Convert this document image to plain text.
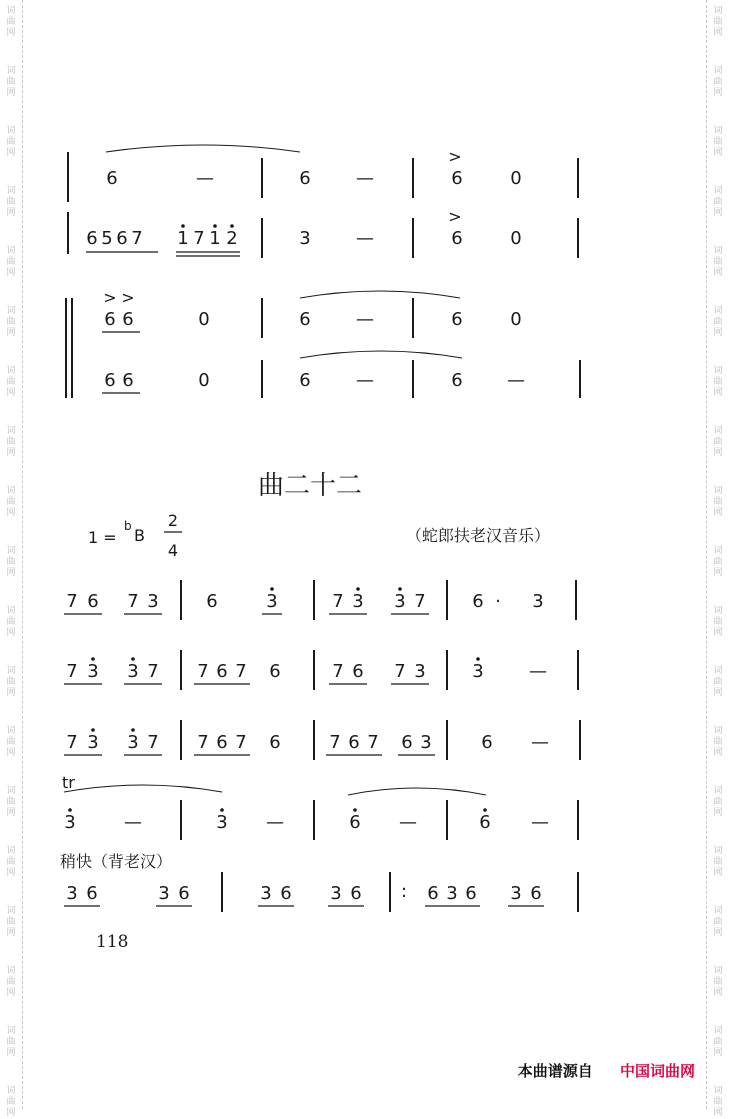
词
曲
网
词
曲
网
词
曲
网
词
曲
网
词
曲
网
词
曲
网
词
曲
网
词
曲
网
词
曲
网
词
曲
网
词
曲
网
词
曲
网
词
曲
网
词
曲
网
词
曲
网
词
曲
网
词
曲
网
词
曲
网
词
曲
网
词
曲
网
词
曲
网
词
曲
网
词
曲
网
词
曲
网
词
曲
网
词
曲
网
词
曲
网
词
曲
网
词
曲
网
词
曲
网
词
曲
网
词
曲
网
词
曲
网
词
曲
网
词
曲
网
词
曲
网
词
曲
网
词
曲
网
6	—	6	—
>
6	0
6 5 6 7 1 7 1 2	3	—
>
6	0
> >
6 6	0	6	—	6	0
6 6	0	6	—	6 —
7 6 7 3	6	3	7 3 3 7	6 · 3
7 3 3 7 7 6 7 6	7 6 7 3	3	—
7 3 3 7 7 6 7 6	7 6 7 6 3	6 —
3	—	3 —	6 —	6 —
3 6	3 6	3 6 3 6 : 6 3 6 3 6
曲二十二
1 =
b B
2
4
（蛇郎扶老汉音乐）
tr
稍快（背老汉）
118
本曲谱源自 中国词曲网
